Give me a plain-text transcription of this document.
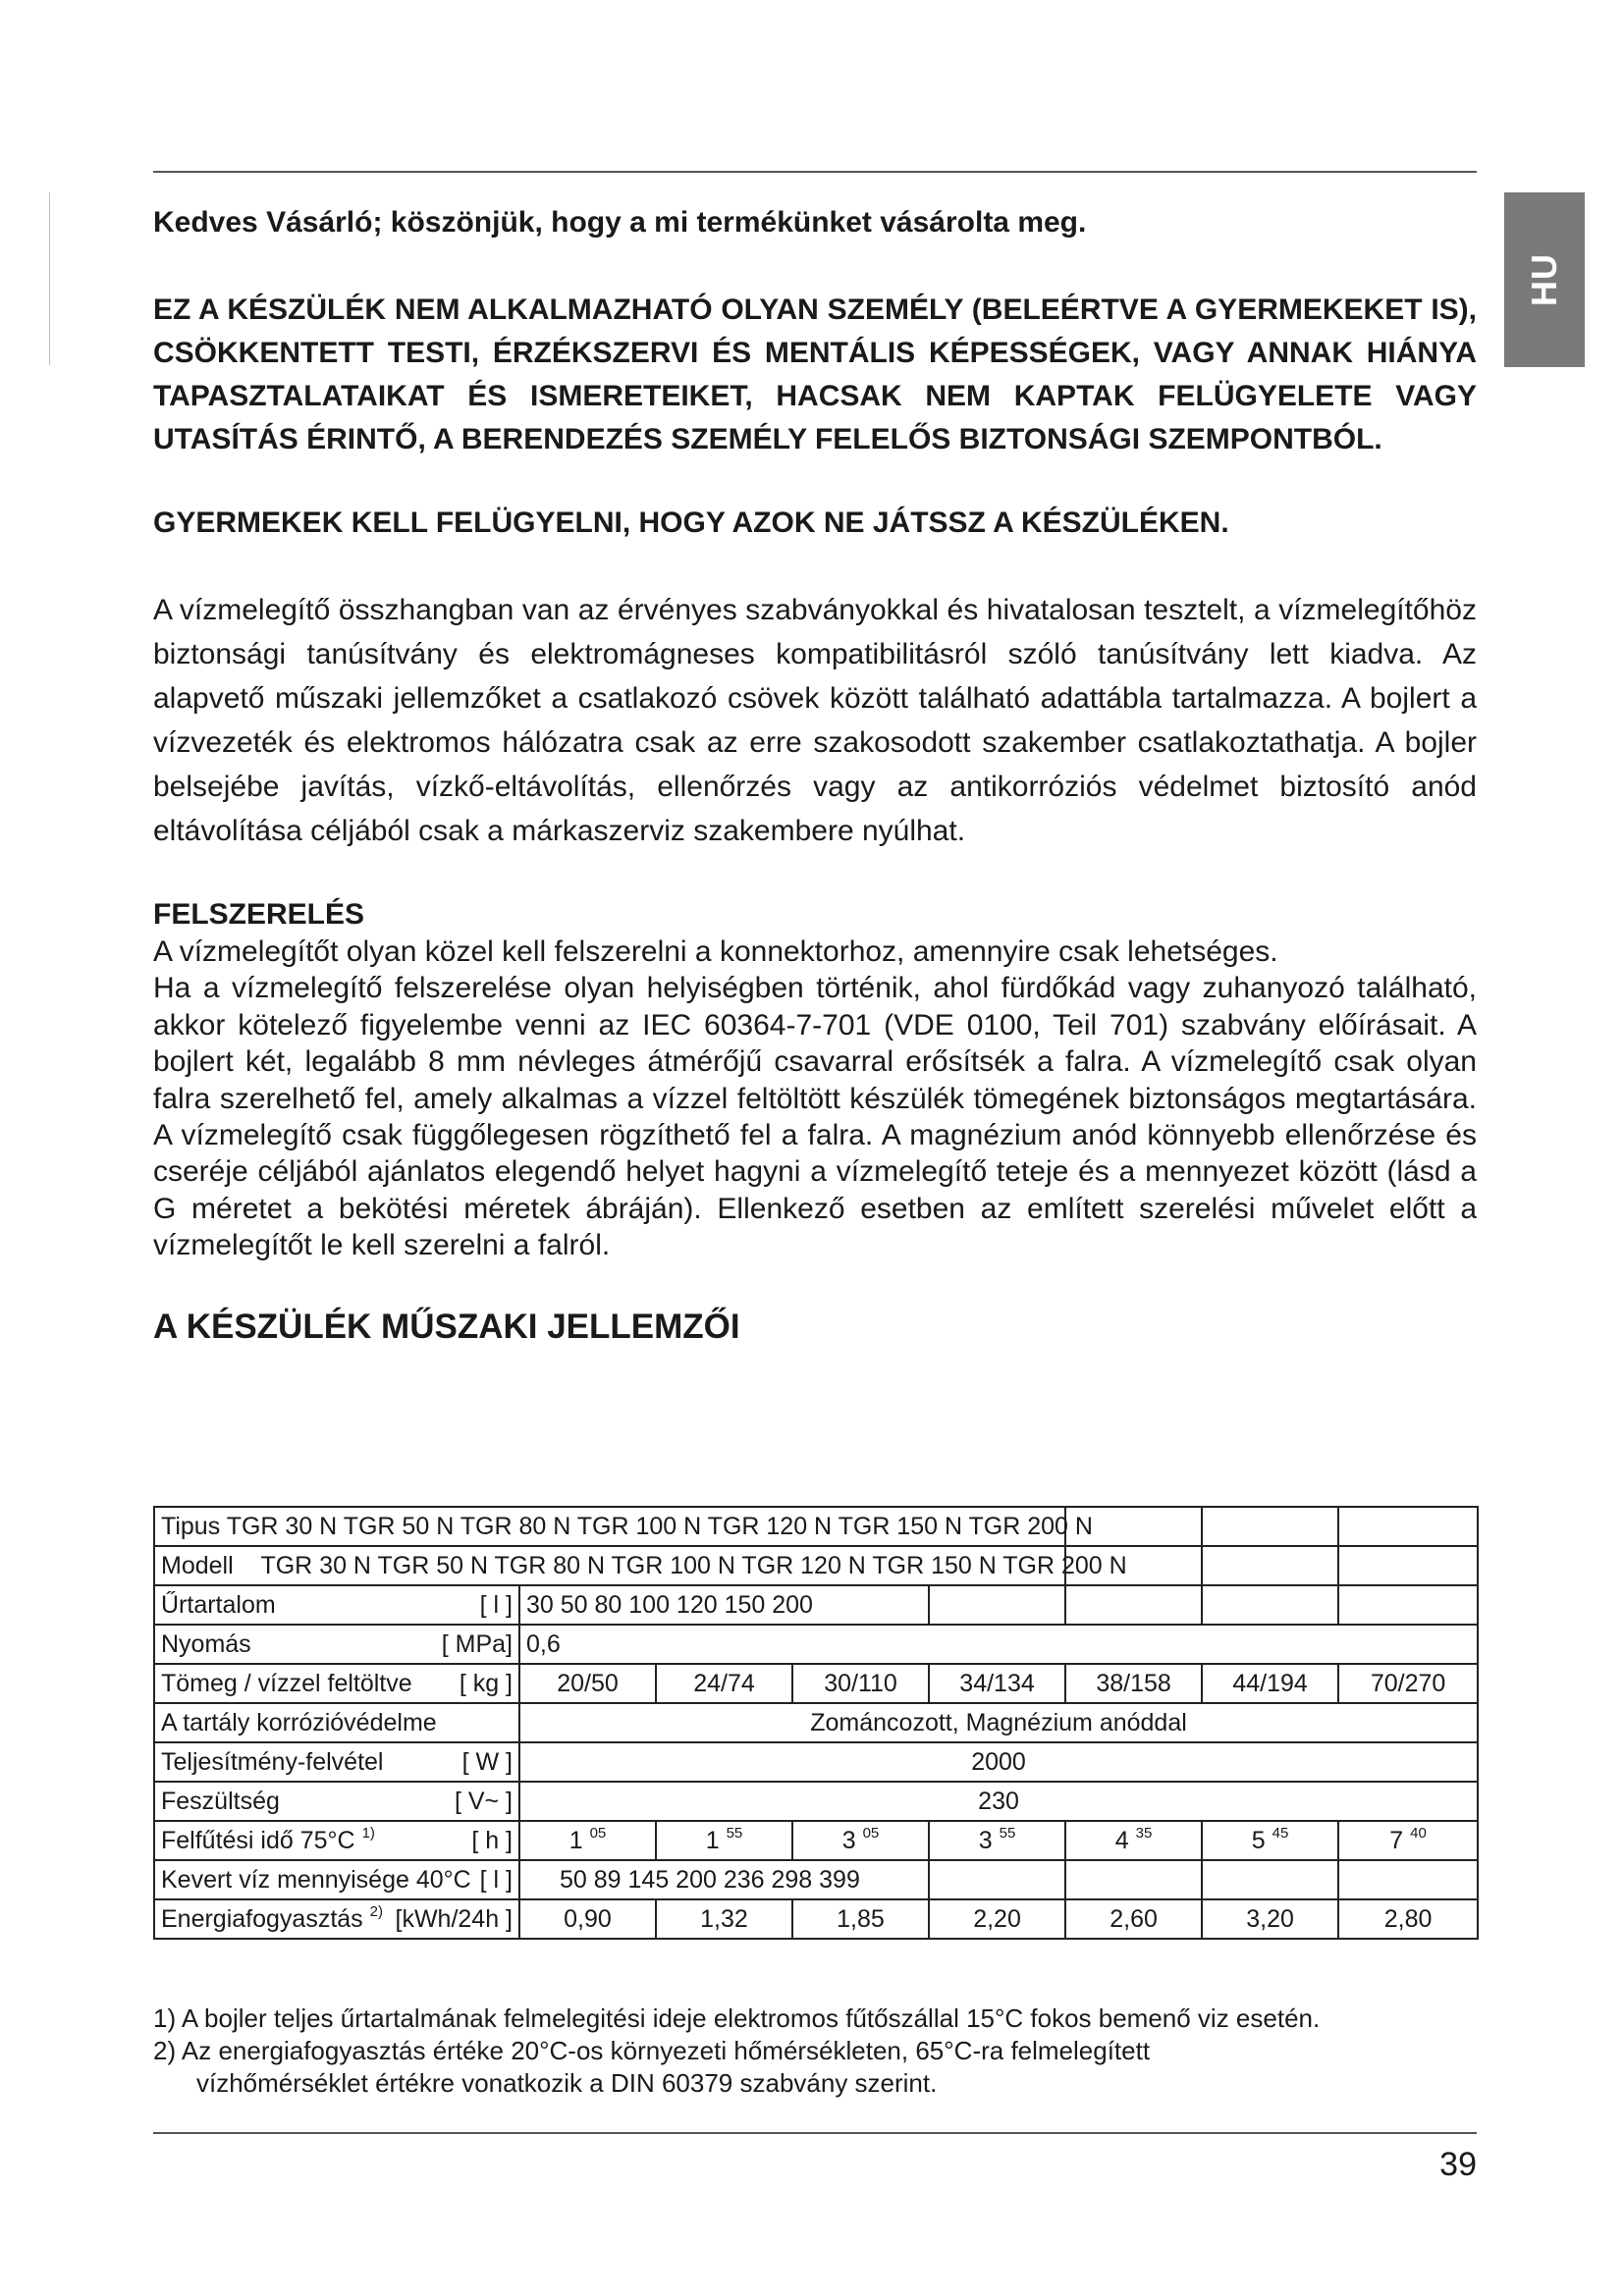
HU

Kedves Vásárló; köszönjük, hogy a mi termékünket vásárolta meg.

EZ A KÉSZÜLÉK NEM ALKALMAZHATÓ OLYAN SZEMÉLY (BELEÉRTVE A GYERMEKEKET IS), CSÖKKENTETT TESTI, ÉRZÉKSZERVI ÉS MENTÁLIS KÉPESSÉGEK, VAGY ANNAK HIÁNYA TAPASZTALATAIKAT ÉS ISMERETEIKET, HACSAK NEM KAPTAK FELÜGYELETE VAGY UTASÍTÁS ÉRINTŐ, A BERENDEZÉS SZEMÉLY FELELŐS BIZTONSÁGI SZEMPONTBÓL.

GYERMEKEK KELL FELÜGYELNI, HOGY AZOK NE JÁTSSZ A KÉSZÜLÉKEN.

A vízmelegítő összhangban van az érvényes szabványokkal és hivatalosan tesztelt, a vízmelegítőhöz biztonsági tanúsítvány és elektromágneses kompatibilitásról szóló tanúsítvány lett kiadva. Az alapvető műszaki jellemzőket a csatlakozó csövek között található adattábla tartalmazza. A bojlert a vízvezeték és elektromos hálózatra csak az erre szakosodott szakember csatlakoztathatja. A bojler belsejébe javítás, vízkő-eltávolítás, ellenőrzés vagy az antikorróziós védelmet biztosító anód eltávolítása céljából csak a márkaszerviz szakembere nyúlhat.

FELSZERELÉS

A vízmelegítőt olyan közel kell felszerelni a konnektorhoz, amennyire csak lehetséges.
Ha a vízmelegítő felszerelése olyan helyiségben történik, ahol fürdőkád vagy zuhanyozó található, akkor kötelező figyelembe venni az IEC 60364-7-701 (VDE 0100, Teil 701) szabvány előírásait. A bojlert két, legalább 8 mm névleges átmérőjű csavarral erősítsék a falra. A vízmelegítő csak olyan falra szerelhető fel, amely alkalmas a vízzel feltöltött készülék tömegének biztonságos megtartására. A vízmelegítő csak függőlegesen rögzíthető fel a falra. A magnézium anód könnyebb ellenőrzése és cseréje céljából ajánlatos elegendő helyet hagyni a vízmelegítő teteje és a mennyezet között (lásd a G méretet a bekötési méretek ábráján). Ellenkező esetben az említett szerelési művelet előtt a vízmelegítőt le kell szerelni a falról.

A KÉSZÜLÉK MŰSZAKI JELLEMZŐI

Tipus TGR 30 N TGR 50 N TGR 80 N TGR 100 N TGR 120 N TGR 150 N TGR 200 N							
Modell TGR 30 N TGR 50 N TGR 80 N TGR 100 N TGR 120 N TGR 150 N TGR 200 N							

Űrtartalom [ l ]	30 50 80 100 120 150 200						

Nyomás [ MPa]	0,6						

Tömeg / vízzel feltöltve [ kg ]	20/50	24/74	30/110	34/134	38/158	44/194	70/270
A tartály korrózióvédelme	Zománcozott, Magnézium anóddal						

Teljesítmény-felvétel [ W ]	2000						

Feszültség [ V~ ]	230						

Felfűtési idő 75°C $^{1)}$ [ h ]	1 $^{05}$	1 $^{55}$	3 $^{05}$	3 $^{55}$	4 $^{35}$	5 $^{45}$	7 $^{40}$

Kevert víz mennyisége 40°C [ l ]	50 89 145 200 236 298 399						

Energiafogyasztás $^{2)}$ [kWh/24h ]	0,90	1,32	1,85	2,20	2,60	3,20	2,80

1) A bojler teljes űrtartalmának felmelegitési ideje elektromos fűtőszállal 15°C fokos bemenő viz esetén.

2) Az energiafogyasztás értéke 20°C-os környezeti hőmérsékleten, 65°C-ra felmelegített

vízhőmérséklet értékre vonatkozik a DIN 60379 szabvány szerint.

39
